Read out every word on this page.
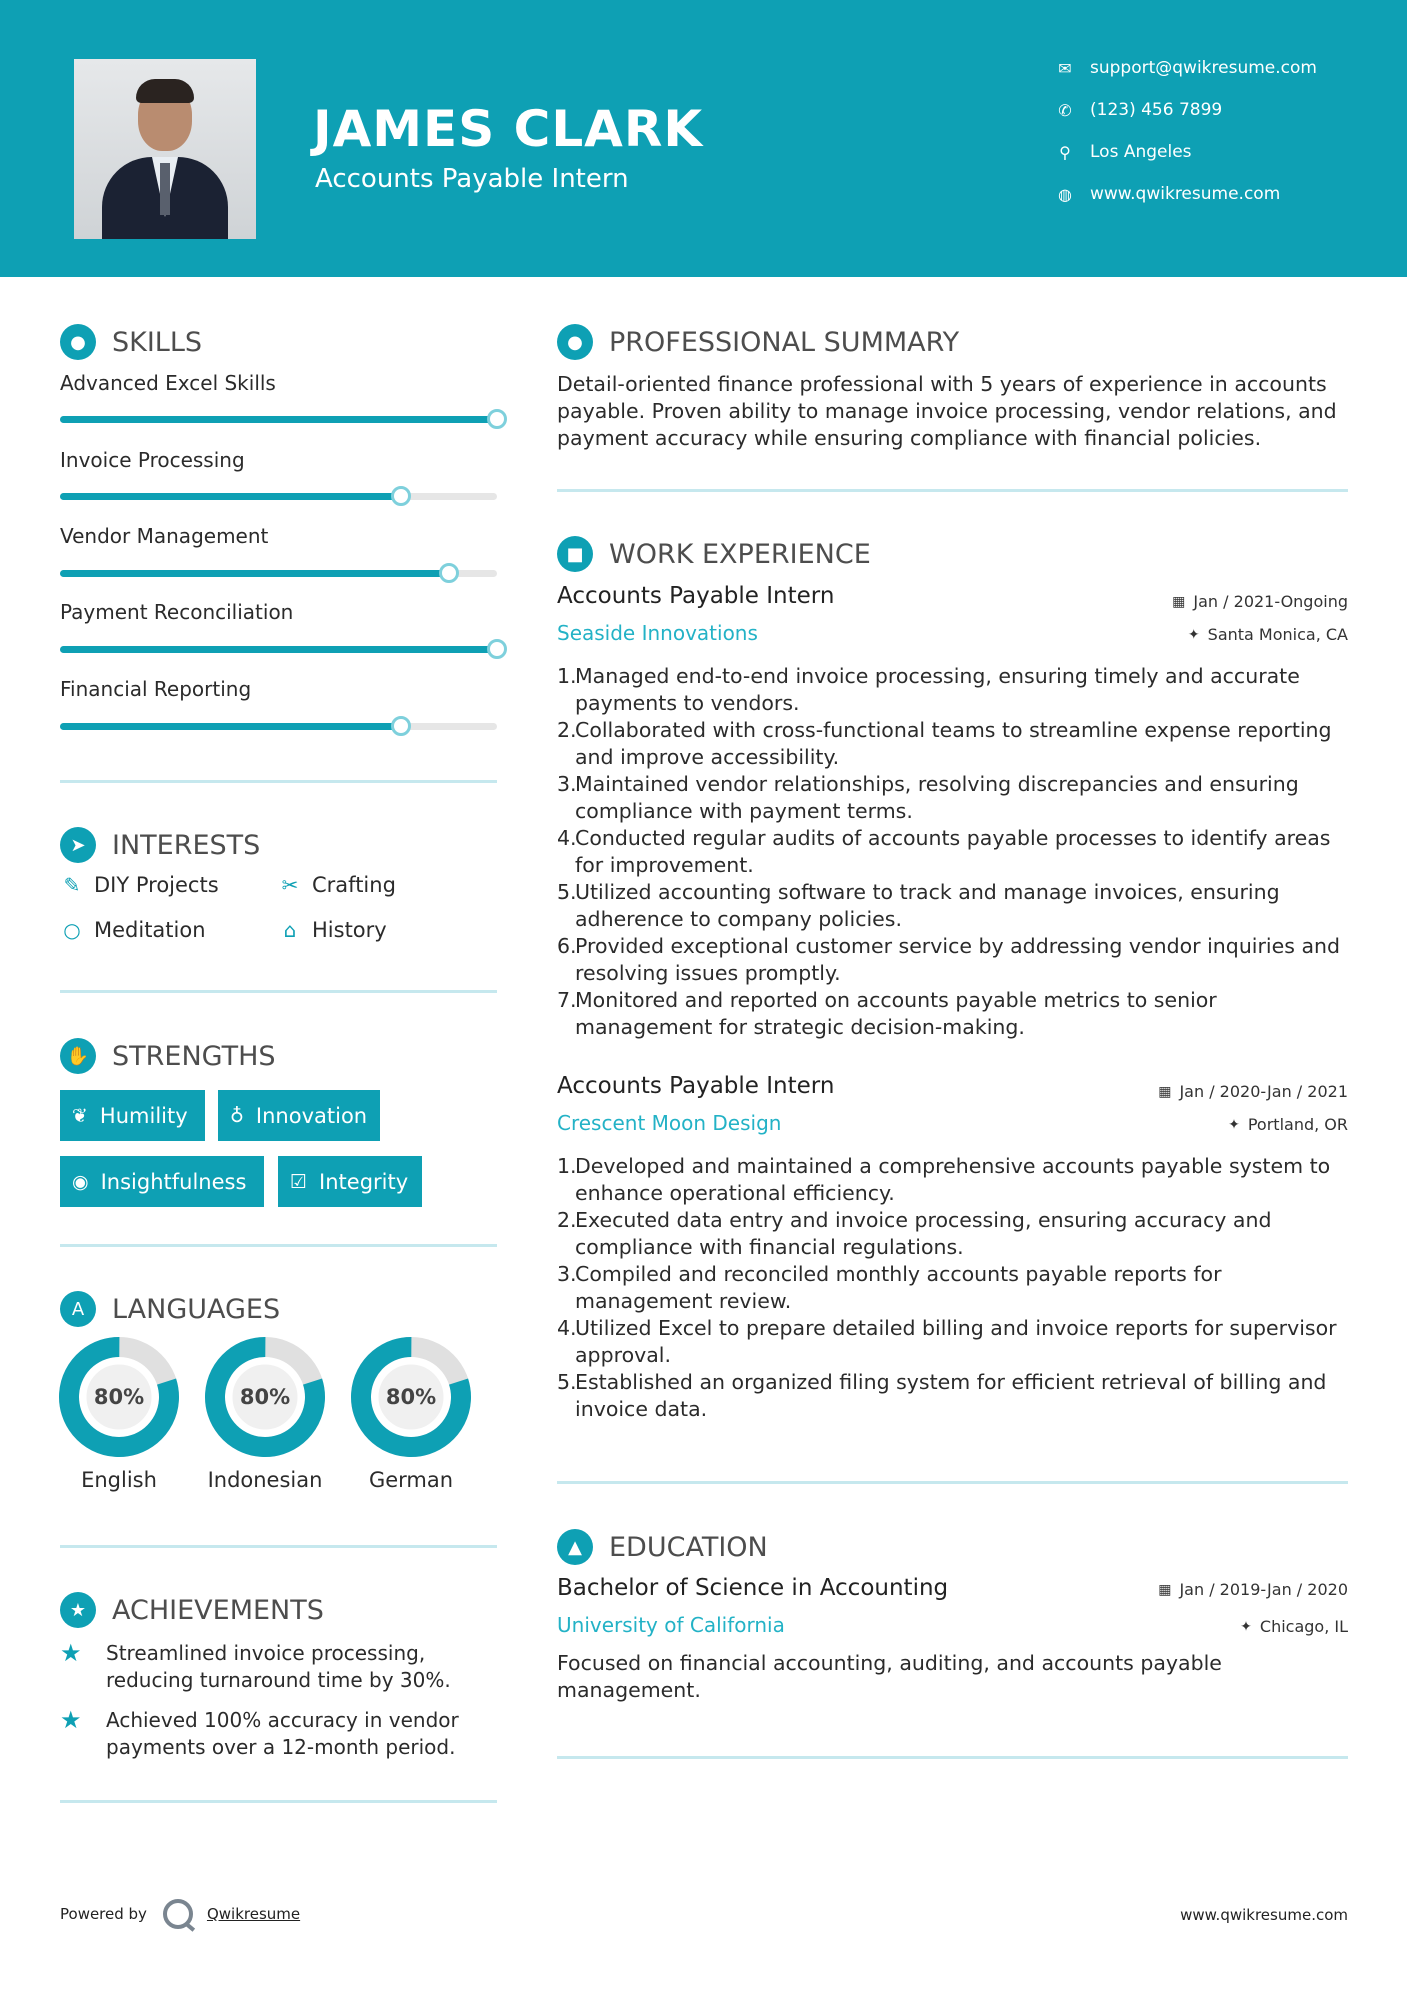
JAMES CLARK
Accounts Payable Intern
✉ support@qwikresume.com
✆ (123) 456 7899
⚲	Los Angeles
◍ www.qwikresume.com
● SKILLS
Advanced Excel Skills
Invoice Processing
Vendor Management
Payment Reconciliation
Financial Reporting
➤ INTERESTS
✎ DIY Projects	✂ Crafting
○ Meditation	⌂ History
✋ STRENGTHS
❦ Humility ♁ Innovation
◉ Insightfulness ☑ Integrity
A	LANGUAGES
80%
English
80%
Indonesian
80%
German
★ ACHIEVEMENTS
★	Streamlined invoice processing, reducing turnaround time by 30%.
★	Achieved 100% accuracy in vendor payments over a 12-month period.
● PROFESSIONAL SUMMARY
Detail-oriented finance professional with 5 years of experience in accounts payable. Proven ability to manage invoice processing, vendor relations, and payment accuracy while ensuring compliance with financial policies.
■ WORK EXPERIENCE
Accounts Payable Intern	▦ Jan / 2021-Ongoing
Seaside Innovations	✦ Santa Monica, CA
1.
Managed end-to-end invoice processing, ensuring timely and accurate payments to vendors.
2.
Collaborated with cross-functional teams to streamline expense reporting and improve accessibility.
3.
Maintained vendor relationships, resolving discrepancies and ensuring compliance with payment terms.
4.
Conducted regular audits of accounts payable processes to identify areas for improvement.
5.
Utilized accounting software to track and manage invoices, ensuring adherence to company policies.
6.
Provided exceptional customer service by addressing vendor inquiries and resolving issues promptly.
7.
Monitored and reported on accounts payable metrics to senior management for strategic decision-making.
Accounts Payable Intern	▦ Jan / 2020-Jan / 2021
Crescent Moon Design	✦ Portland, OR
1.
Developed and maintained a comprehensive accounts payable system to enhance operational efficiency.
2.
Executed data entry and invoice processing, ensuring accuracy and compliance with financial regulations.
3.
Compiled and reconciled monthly accounts payable reports for management review.
4.
Utilized Excel to prepare detailed billing and invoice reports for supervisor approval.
5.
Established an organized filing system for efficient retrieval of billing and invoice data.
▲	EDUCATION
Bachelor of Science in Accounting	▦ Jan / 2019-Jan / 2020
University of California	✦ Chicago, IL
Focused on financial accounting, auditing, and accounts payable management.
Powered by	Qwikresume	www.qwikresume.com
